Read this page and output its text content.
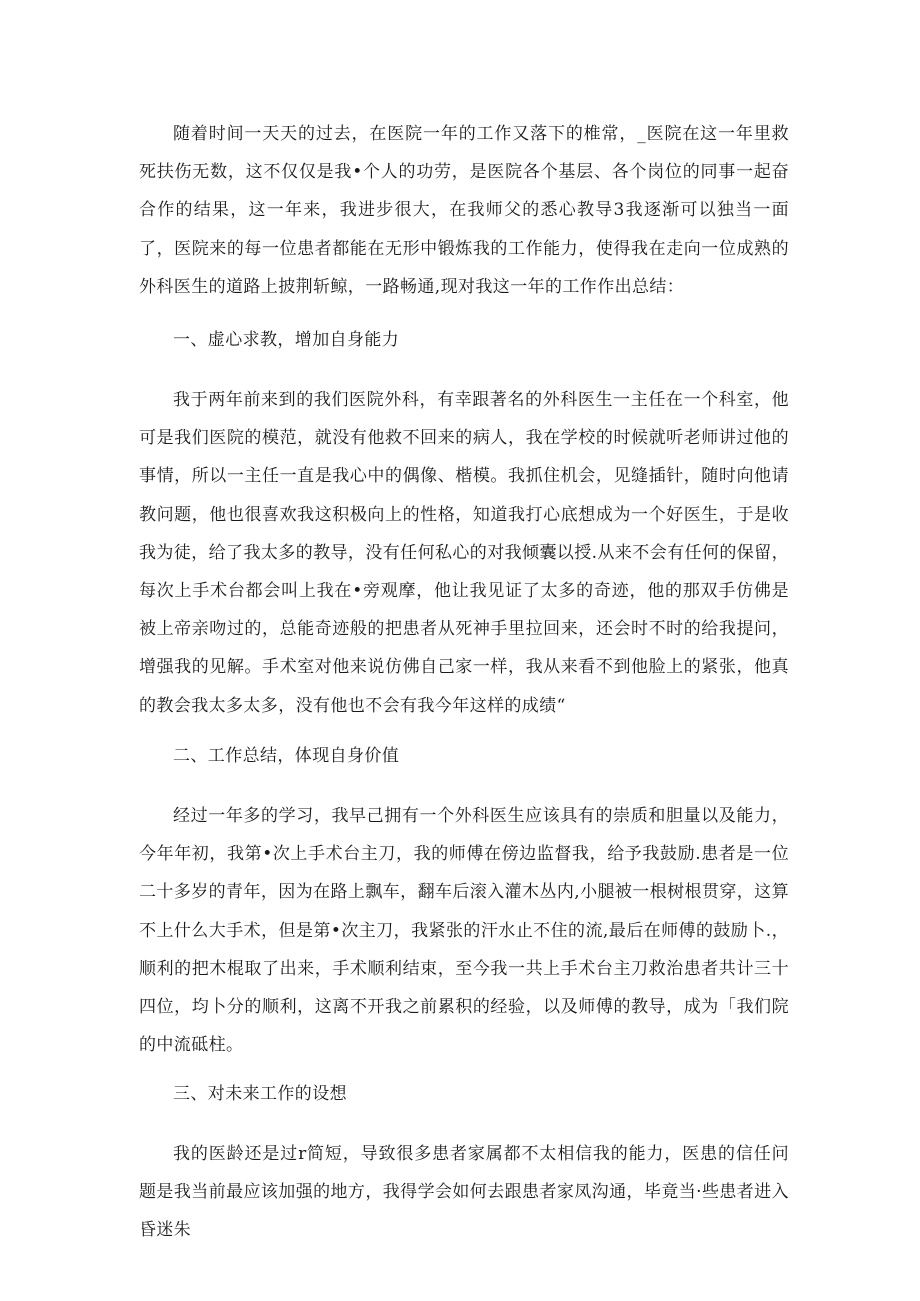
随着时间一天天的过去，在医院一年的工作又落下的椎常，_医院在这一年里救死扶伤无数，这不仅仅是我•个人的功劳，是医院各个基层、各个岗位的同事一起奋合作的结果，这一年来，我进步很大，在我师父的悉心教导3我逐渐可以独当一面了，医院来的每一位患者都能在无形中锻炼我的工作能力，使得我在走向一位成熟的外科医生的道路上披荆斩鲸，一路畅通,现对我这一年的工作作出总结：

一、虚心求教，增加自身能力

我于两年前来到的我们医院外科，有幸跟著名的外科医生一主任在一个科室，他可是我们医院的模范，就没有他救不回来的病人，我在学校的时候就听老师讲过他的事情，所以一主任一直是我心中的偶像、楷模。我抓住机会，见缝插针，随时向他请教问题，他也很喜欢我这积极向上的性格，知道我打心底想成为一个好医生，于是收我为徒，给了我太多的教导，没有任何私心的对我倾囊以授.从来不会有任何的保留，每次上手术台都会叫上我在•旁观摩，他让我见证了太多的奇迹，他的那双手仿佛是被上帝亲吻过的，总能奇迹般的把患者从死神手里拉回来，还会时不时的给我提问，增强我的见解。手术室对他来说仿佛自己家一样，我从来看不到他脸上的紧张，他真的教会我太多太多，没有他也不会有我今年这样的成绩“

二、工作总结，体现自身价值

经过一年多的学习，我早己拥有一个外科医生应该具有的崇质和胆量以及能力，今年年初，我第•次上手术台主刀，我的师傅在傍边监督我，给予我鼓励.患者是一位二十多岁的青年，因为在路上飘车，翻车后滚入灌木丛内,小腿被一根树根贯穿，这算不上什么大手术，但是第•次主刀，我紧张的汗水止不住的流,最后在师傅的鼓励卜.，顺利的把木棍取了出来，手术顺利结束，至今我一共上手术台主刀救治患者共计三十四位，均卜分的顺利，这离不开我之前累积的经验，以及师傅的教导，成为「我们院的中流砥柱。

三、对未来工作的设想

我的医龄还是过r简短，导致很多患者家属都不太相信我的能力，医患的信任问题是我当前最应该加强的地方，我得学会如何去跟患者家凤沟通，毕竟当·些患者进入昏迷朱
